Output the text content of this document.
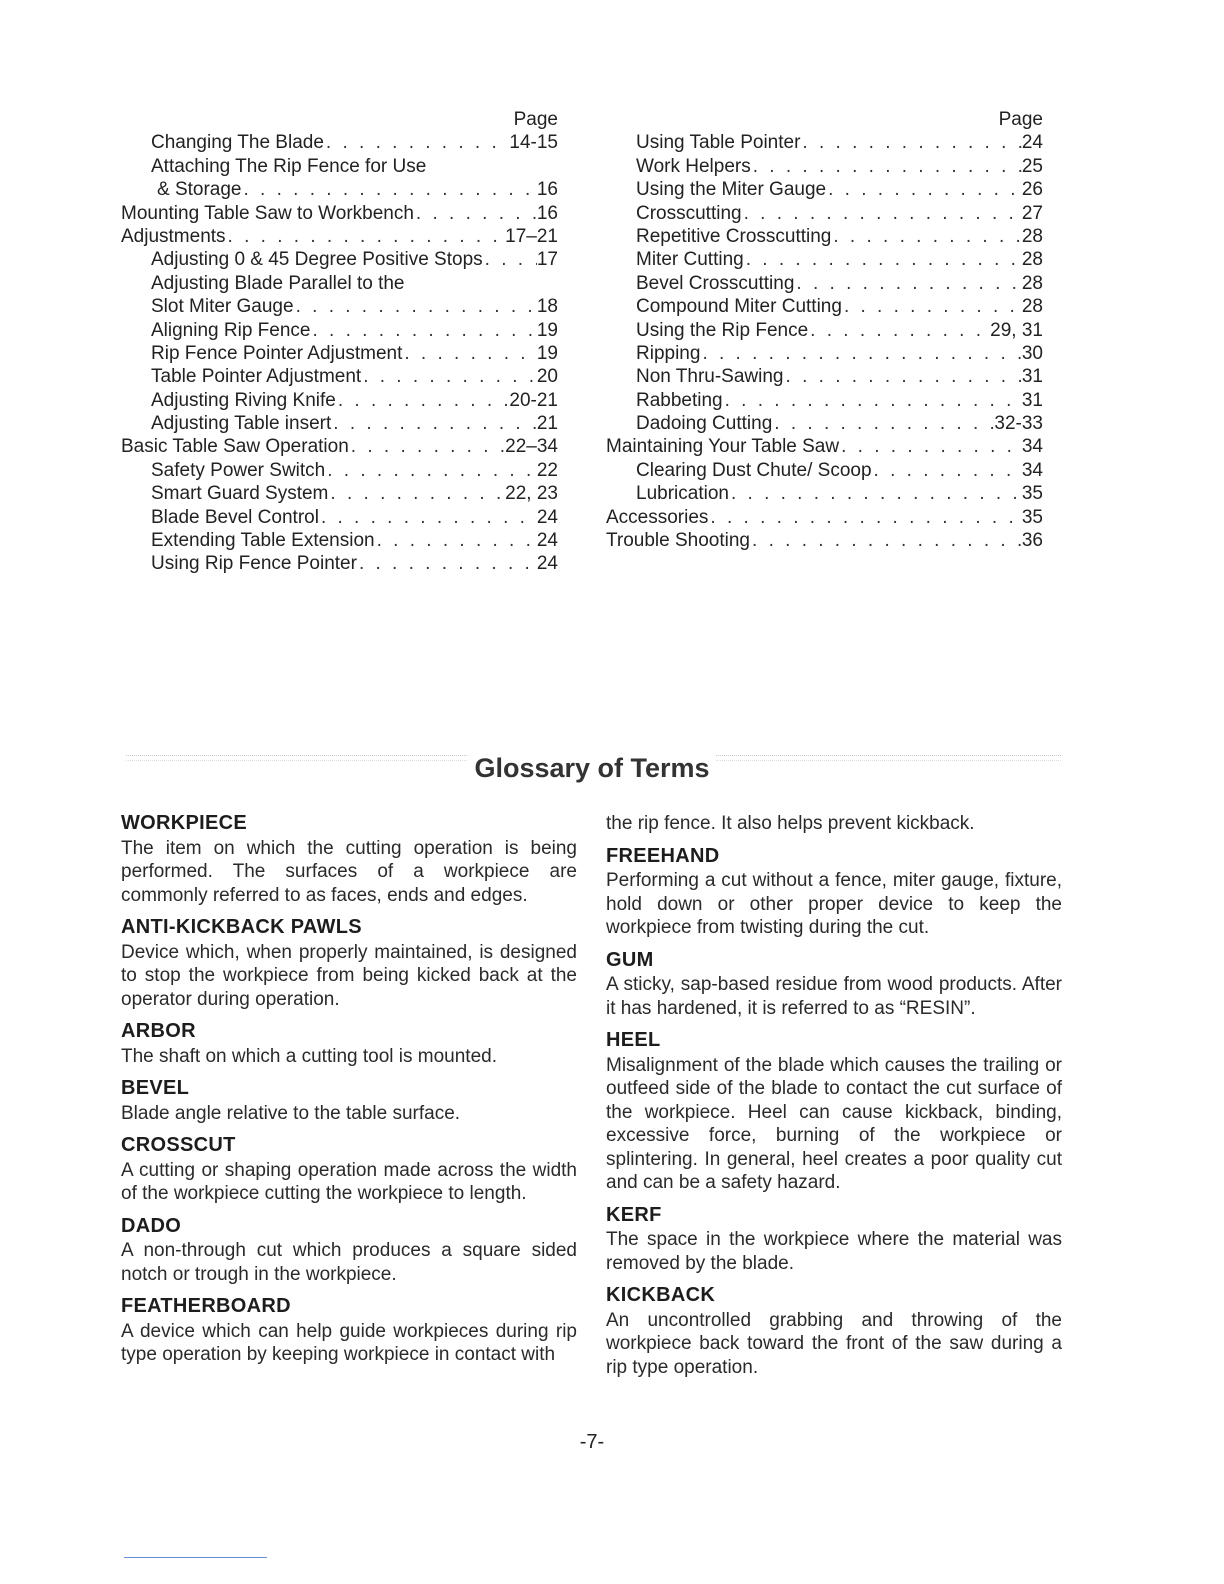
Page
Changing The Blade . . .	14-15
Attaching The Rip Fence for Use
& Storage . . .	16
Mounting Table Saw to Workbench . . .	16
Adjustments . . .	17–21
Adjusting 0 & 45 Degree Positive Stops . . .	17
Adjusting Blade Parallel to the
Slot Miter Gauge . . .	18
Aligning Rip Fence . . .	19
Rip Fence Pointer Adjustment . . .	19
Table Pointer Adjustment . . .	20
Adjusting Riving Knife . . .	20-21
Adjusting Table insert . . .	21
Basic Table Saw Operation . . .	22–34
Safety Power Switch . . .	22
Smart Guard System . . .	22, 23
Blade Bevel Control . . .	24
Extending Table Extension . . .	24
Using Rip Fence Pointer . . .	24
Page
Using Table Pointer . . .	24
Work Helpers . . .	25
Using the Miter Gauge . . .	26
Crosscutting . . .	27
Repetitive Crosscutting . . .	28
Miter Cutting . . .	28
Bevel Crosscutting . . .	28
Compound Miter Cutting . . .	28
Using the Rip Fence . . .	29, 31
Ripping . . .	30
Non Thru-Sawing . . .	31
Rabbeting . . .	31
Dadoing Cutting . . .	32-33
Maintaining Your Table Saw . . .	34
Clearing Dust Chute/ Scoop . . .	34
Lubrication . . .	35
Accessories . . .	35
Trouble Shooting . . .	36
Glossary of Terms
WORKPIECE
The item on which the cutting operation is being performed. The surfaces of a workpiece are commonly referred to as faces, ends and edges.
ANTI-KICKBACK PAWLS
Device which, when properly maintained, is designed to stop the workpiece from being kicked back at the operator during operation.
ARBOR
The shaft on which a cutting tool is mounted.
BEVEL
Blade angle relative to the table surface.
CROSSCUT
A cutting or shaping operation made across the width of the workpiece cutting the workpiece to length.
DADO
A non-through cut which produces a square sided notch or trough in the workpiece.
FEATHERBOARD
A device which can help guide workpieces during rip type operation by keeping workpiece in contact with
the rip fence. It also helps prevent kickback.
FREEHAND
Performing a cut without a fence, miter gauge, fixture, hold down or other proper device to keep the workpiece from twisting during the cut.
GUM
A sticky, sap-based residue from wood products. After it has hardened, it is referred to as “RESIN”.
HEEL
Misalignment of the blade which causes the trailing or outfeed side of the blade to contact the cut surface of the workpiece. Heel can cause kickback, binding, excessive force, burning of the workpiece or splintering. In general, heel creates a poor quality cut and can be a safety hazard.
KERF
The space in the workpiece where the material was removed by the blade.
KICKBACK
An uncontrolled grabbing and throwing of the workpiece back toward the front of the saw during a rip type operation.
-7-
